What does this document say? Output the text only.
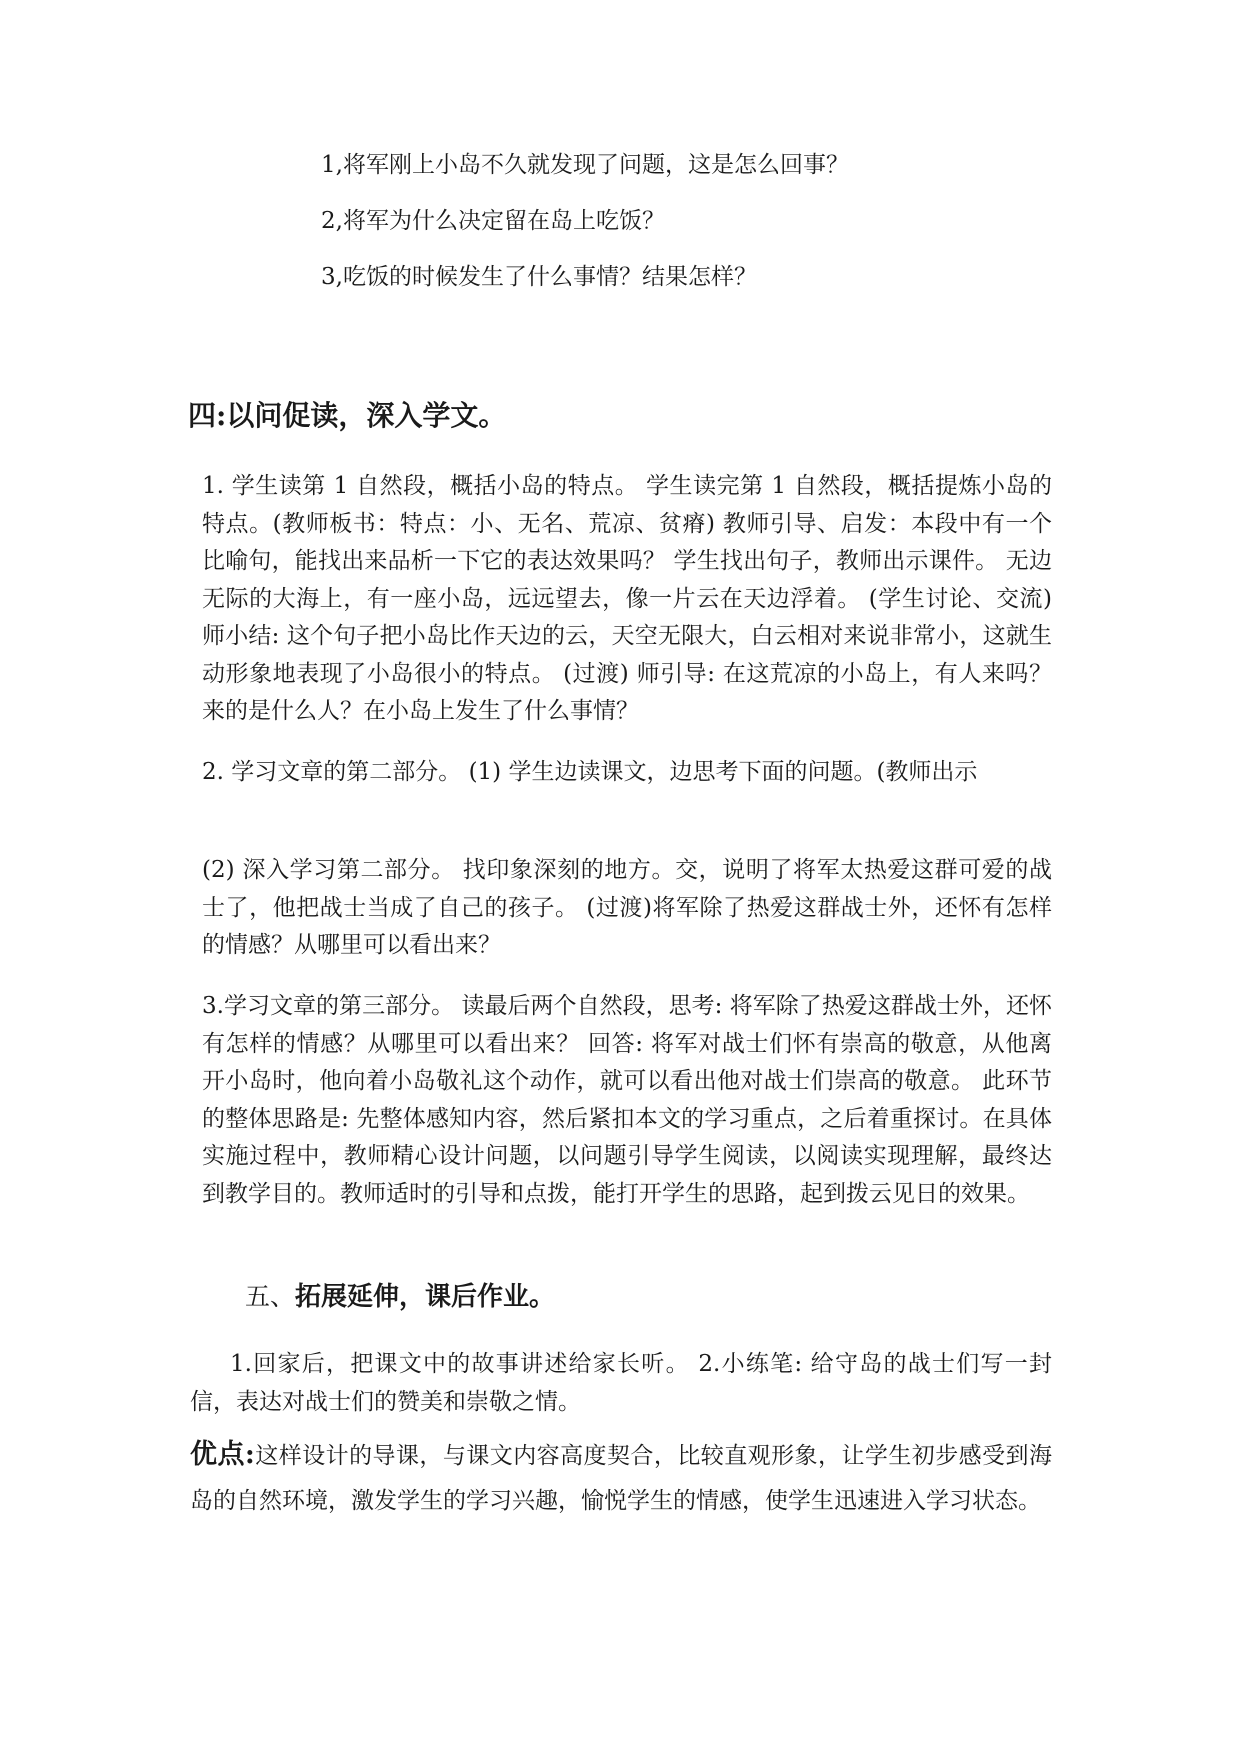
1,将军刚上小岛不久就发现了问题，这是怎么回事？
2,将军为什么决定留在岛上吃饭？
3,吃饭的时候发生了什么事情？结果怎样？
四:以问促读，深入学文。
1. 学生读第 1 自然段，概括小岛的特点。 学生读完第 1 自然段，概括提炼小岛的特点。(教师板书：特点：小、无名、荒凉、贫瘠) 教师引导、启发：本段中有一个比喻句，能找出来品析一下它的表达效果吗？ 学生找出句子，教师出示课件。 无边无际的大海上，有一座小岛，远远望去，像一片云在天边浮着。 (学生讨论、交流) 师小结: 这个句子把小岛比作天边的云，天空无限大，白云相对来说非常小，这就生动形象地表现了小岛很小的特点。 (过渡) 师引导: 在这荒凉的小岛上，有人来吗？来的是什么人？在小岛上发生了什么事情？
2. 学习文章的第二部分。 (1) 学生边读课文，边思考下面的问题。(教师出示
(2) 深入学习第二部分。 找印象深刻的地方。交，说明了将军太热爱这群可爱的战士了，他把战士当成了自己的孩子。 (过渡)将军除了热爱这群战士外，还怀有怎样的情感？从哪里可以看出来？
3.学习文章的第三部分。 读最后两个自然段，思考: 将军除了热爱这群战士外，还怀有怎样的情感？从哪里可以看出来？ 回答: 将军对战士们怀有崇高的敬意，从他离开小岛时，他向着小岛敬礼这个动作，就可以看出他对战士们崇高的敬意。 此环节的整体思路是: 先整体感知内容，然后紧扣本文的学习重点，之后着重探讨。在具体实施过程中，教师精心设计问题，以问题引导学生阅读，以阅读实现理解，最终达到教学目的。教师适时的引导和点拨，能打开学生的思路，起到拨云见日的效果。
五、拓展延伸，课后作业。
1.回家后，把课文中的故事讲述给家长听。 2.小练笔: 给守岛的战士们写一封信，表达对战士们的赞美和崇敬之情。
优点:这样设计的导课，与课文内容高度契合，比较直观形象，让学生初步感受到海岛的自然环境，激发学生的学习兴趣，愉悦学生的情感，使学生迅速进入学习状态。
